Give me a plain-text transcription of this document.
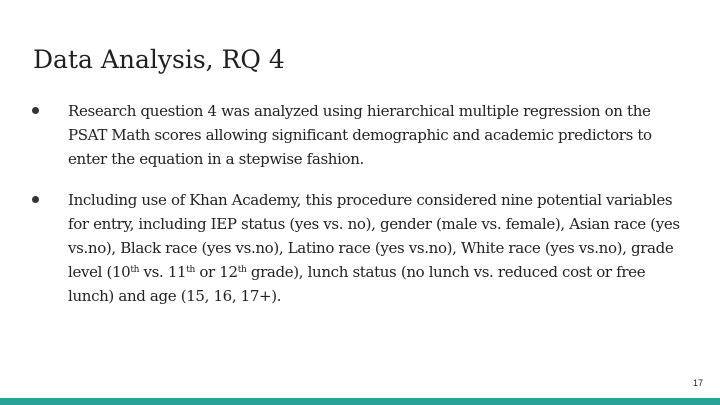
Data Analysis, RQ 4
Research question 4 was analyzed using hierarchical multiple regression on the PSAT Math scores allowing significant demographic and academic predictors to enter the equation in a stepwise fashion.
Including use of Khan Academy, this procedure considered nine potential variables for entry, including IEP status (yes vs. no), gender (male vs. female), Asian race (yes vs.no), Black race (yes vs.no), Latino race (yes vs.no), White race (yes vs.no), grade level (10th vs. 11th or 12th grade), lunch status (no lunch vs. reduced cost or free lunch) and age (15, 16, 17+).
17
